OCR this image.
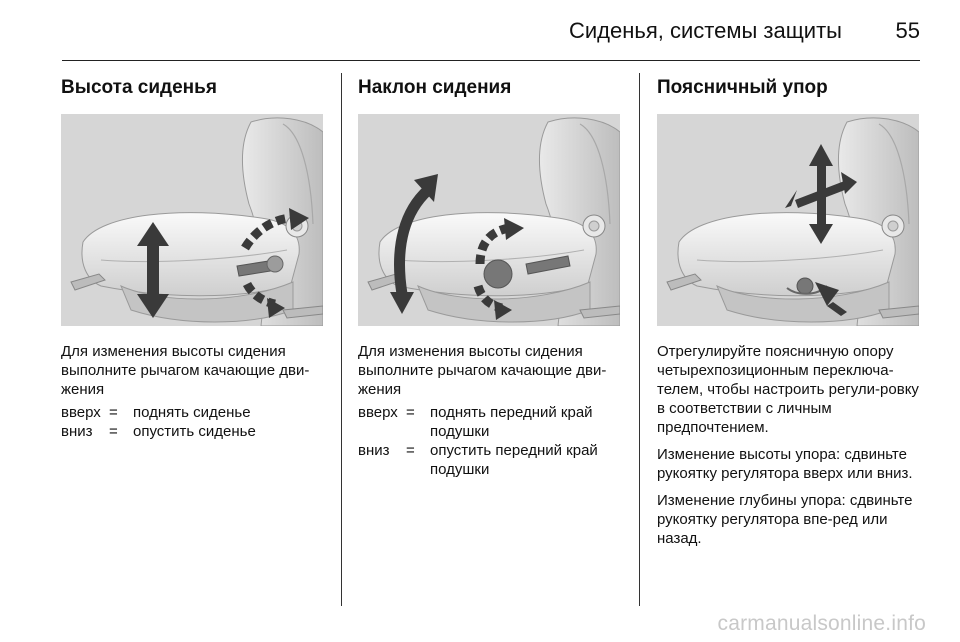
Сиденья, системы защиты 55
Высота сиденья

Для изменения высоты сидения выполните рычагом качающие дви-жения

вверх =	поднять сиденье
вниз	=	опустить сиденье
Наклон сидения

Для изменения высоты сидения выполните рычагом качающие дви-жения

вверх =	поднять передний край подушки
вниз	=	опустить передний край подушки
Поясничный упор

Отрегулируйте поясничную опору четырехпозиционным переключа-телем, чтобы настроить регули-ровку в соответствии с личным предпочтением.

Изменение высоты упора: сдвиньте рукоятку регулятора вверх или вниз.

Изменение глубины упора: сдвиньте рукоятку регулятора впе-ред или назад.

carmanualsonline.info
